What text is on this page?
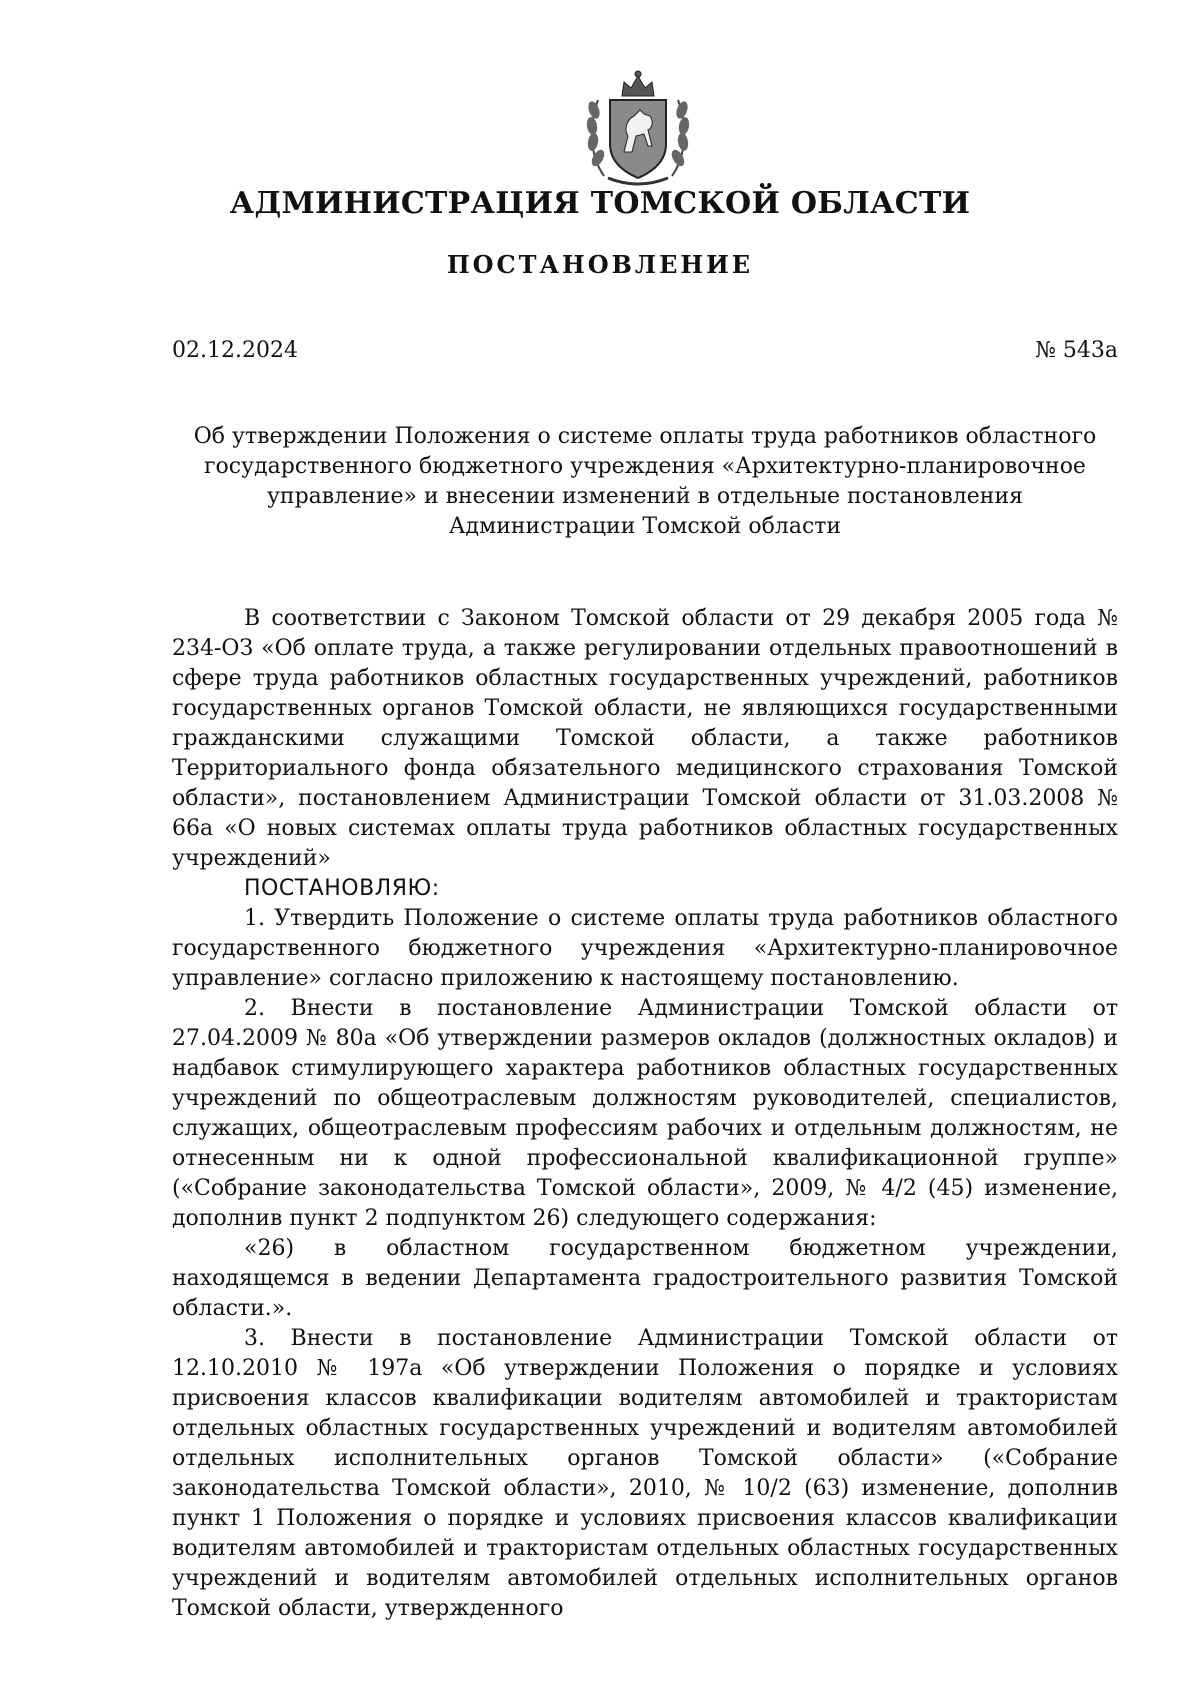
АДМИНИСТРАЦИЯ ТОМСКОЙ ОБЛАСТИ
ПОСТАНОВЛЕНИЕ
02.12.2024	№ 543а
Об утверждении Положения о системе оплаты труда работников областного государственного бюджетного учреждения «Архитектурно-планировочное управление» и внесении изменений в отдельные постановления Администрации Томской области

В соответствии с Законом Томской области от 29 декабря 2005 года № 234-ОЗ «Об оплате труда, а также регулировании отдельных правоотношений в сфере труда работников областных государственных учреждений, работников государственных органов Томской области, не являющихся государственными гражданскими служащими Томской области, а также работников Территориального фонда обязательного медицинского страхования Томской области», постановлением Администрации Томской области от 31.03.2008 № 66а «О новых системах оплаты труда работников областных государственных учреждений»

ПОСТАНОВЛЯЮ:

1. Утвердить Положение о системе оплаты труда работников областного государственного бюджетного учреждения «Архитектурно-планировочное управление» согласно приложению к настоящему постановлению.

2. Внести в постановление Администрации Томской области от 27.04.2009 № 80а «Об утверждении размеров окладов (должностных окладов) и надбавок стимулирующего характера работников областных государственных учреждений по общеотраслевым должностям руководителей, специалистов, служащих, общеотраслевым профессиям рабочих и отдельным должностям, не отнесенным ни к одной профессиональной квалификационной группе» («Собрание законодательства Томской области», 2009, № 4/2 (45) изменение, дополнив пункт 2 подпунктом 26) следующего содержания:

«26) в областном государственном бюджетном учреждении, находящемся в ведении Департамента градостроительного развития Томской области.».

3. Внести в постановление Администрации Томской области от 12.10.2010 № 197а «Об утверждении Положения о порядке и условиях присвоения классов квалификации водителям автомобилей и трактористам отдельных областных государственных учреждений и водителям автомобилей отдельных исполнительных органов Томской области» («Собрание законодательства Томской области», 2010, № 10/2 (63) изменение, дополнив пункт 1 Положения о порядке и условиях присвоения классов квалификации водителям автомобилей и трактористам отдельных областных государственных учреждений и водителям автомобилей отдельных исполнительных органов Томской области, утвержденного
